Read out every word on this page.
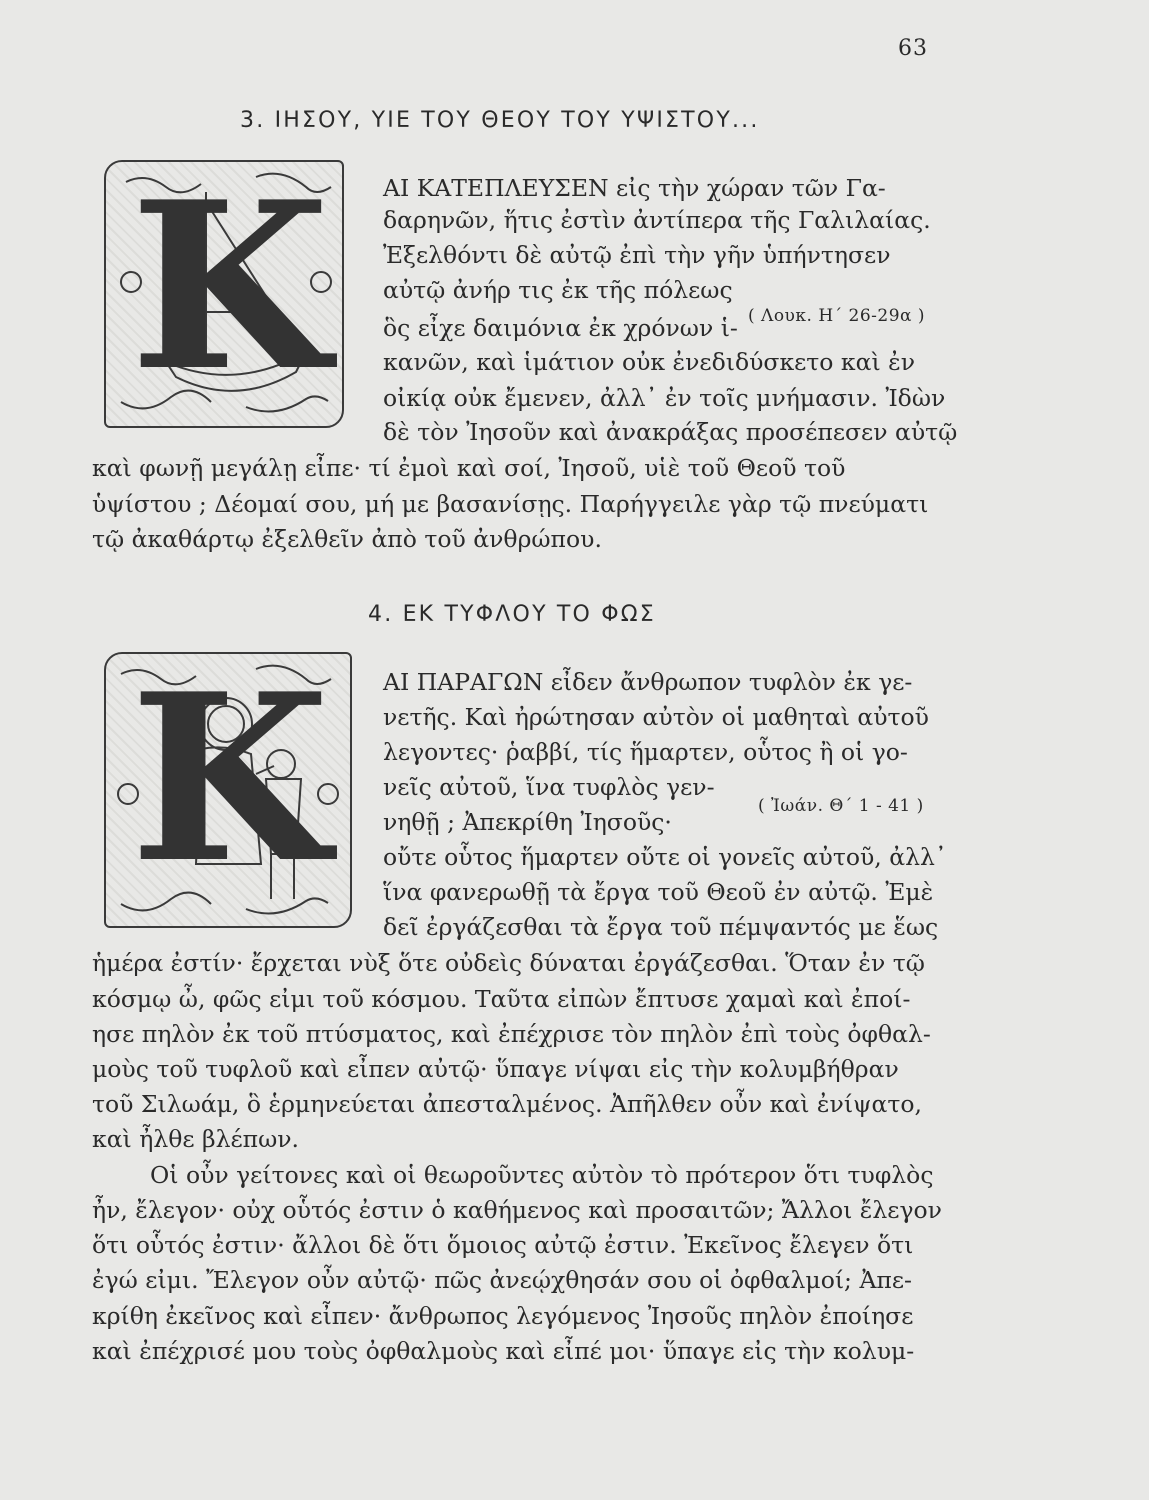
63
3. ΙΗΣΟΥ, ΥΙΕ ΤΟΥ ΘΕΟΥ ΤΟΥ ΥΨΙΣΤΟΥ...
K ΑΙ ΚΑΤΕΠΛΕΥΣΕΝ εἰς τὴν χώραν τῶν Γα-
δαρηνῶν, ἥτις ἐστὶν ἀντίπερα τῆς Γαλιλαίας.
Ἐξελθόντι δὲ αὐτῷ ἐπὶ τὴν γῆν ὑπήντησεν
αὐτῷ ἀνήρ τις ἐκ τῆς πόλεως
( Λουκ. Η΄ 26-29α )
ὃς εἶχε δαιμόνια ἐκ χρόνων ἱ-
κανῶν, καὶ ἱμάτιον οὐκ ἐνεδιδύσκετο καὶ ἐν
οἰκίᾳ οὐκ ἔμενεν, ἀλλ᾽ ἐν τοῖς μνήμασιν. Ἰδὼν
δὲ τὸν Ἰησοῦν καὶ ἀνακράξας προσέπεσεν αὐτῷ
καὶ φωνῇ μεγάλῃ εἶπε· τί ἐμοὶ καὶ σοί, Ἰησοῦ, υἱὲ τοῦ Θεοῦ τοῦ
ὑψίστου ; Δέομαί σου, μή με βασανίσῃς. Παρήγγειλε γὰρ τῷ πνεύματι
τῷ ἀκαθάρτῳ ἐξελθεῖν ἀπὸ τοῦ ἀνθρώπου.
4. ΕΚ ΤΥΦΛΟΥ ΤΟ ΦΩΣ
K ΑΙ ΠΑΡΑΓΩΝ εἶδεν ἄνθρωπον τυφλὸν ἐκ γε-
νετῆς. Καὶ ἠρώτησαν αὐτὸν οἱ μαθηταὶ αὐτοῦ
λεγοντες· ῥαββί, τίς ἥμαρτεν, οὗτος ἢ οἱ γο-
νεῖς αὐτοῦ, ἵνα τυφλὸς γεν-
( Ἰωάν. Θ΄ 1 - 41 )
νηθῇ ; Ἀπεκρίθη Ἰησοῦς·
οὔτε οὗτος ἥμαρτεν οὔτε οἱ γονεῖς αὐτοῦ, ἀλλ᾽
ἵνα φανερωθῇ τὰ ἔργα τοῦ Θεοῦ ἐν αὐτῷ. Ἐμὲ
δεῖ ἐργάζεσθαι τὰ ἔργα τοῦ πέμψαντός με ἕως
ἡμέρα ἐστίν· ἔρχεται νὺξ ὅτε οὐδεὶς δύναται ἐργάζεσθαι. Ὅταν ἐν τῷ
κόσμῳ ὦ, φῶς εἰμι τοῦ κόσμου. Ταῦτα εἰπὼν ἔπτυσε χαμαὶ καὶ ἐποί-
ησε πηλὸν ἐκ τοῦ πτύσματος, καὶ ἐπέχρισε τὸν πηλὸν ἐπὶ τοὺς ὀφθαλ-
μοὺς τοῦ τυφλοῦ καὶ εἶπεν αὐτῷ· ὕπαγε νίψαι εἰς τὴν κολυμβήθραν
τοῦ Σιλωάμ, ὃ ἑρμηνεύεται ἀπεσταλμένος. Ἀπῆλθεν οὖν καὶ ἐνίψατο,
καὶ ἦλθε βλέπων.
Οἱ οὖν γείτονες καὶ οἱ θεωροῦντες αὐτὸν τὸ πρότερον ὅτι τυφλὸς
ἦν, ἔλεγον· οὐχ οὗτός ἐστιν ὁ καθήμενος καὶ προσαιτῶν; Ἄλλοι ἔλεγον
ὅτι οὗτός ἐστιν· ἄλλοι δὲ ὅτι ὅμοιος αὐτῷ ἐστιν. Ἐκεῖνος ἔλεγεν ὅτι
ἐγώ εἰμι. Ἔλεγον οὖν αὐτῷ· πῶς ἀνεῴχθησάν σου οἱ ὀφθαλμοί; Ἀπε-
κρίθη ἐκεῖνος καὶ εἶπεν· ἄνθρωπος λεγόμενος Ἰησοῦς πηλὸν ἐποίησε
καὶ ἐπέχρισέ μου τοὺς ὀφθαλμοὺς καὶ εἶπέ μοι· ὕπαγε εἰς τὴν κολυμ-
